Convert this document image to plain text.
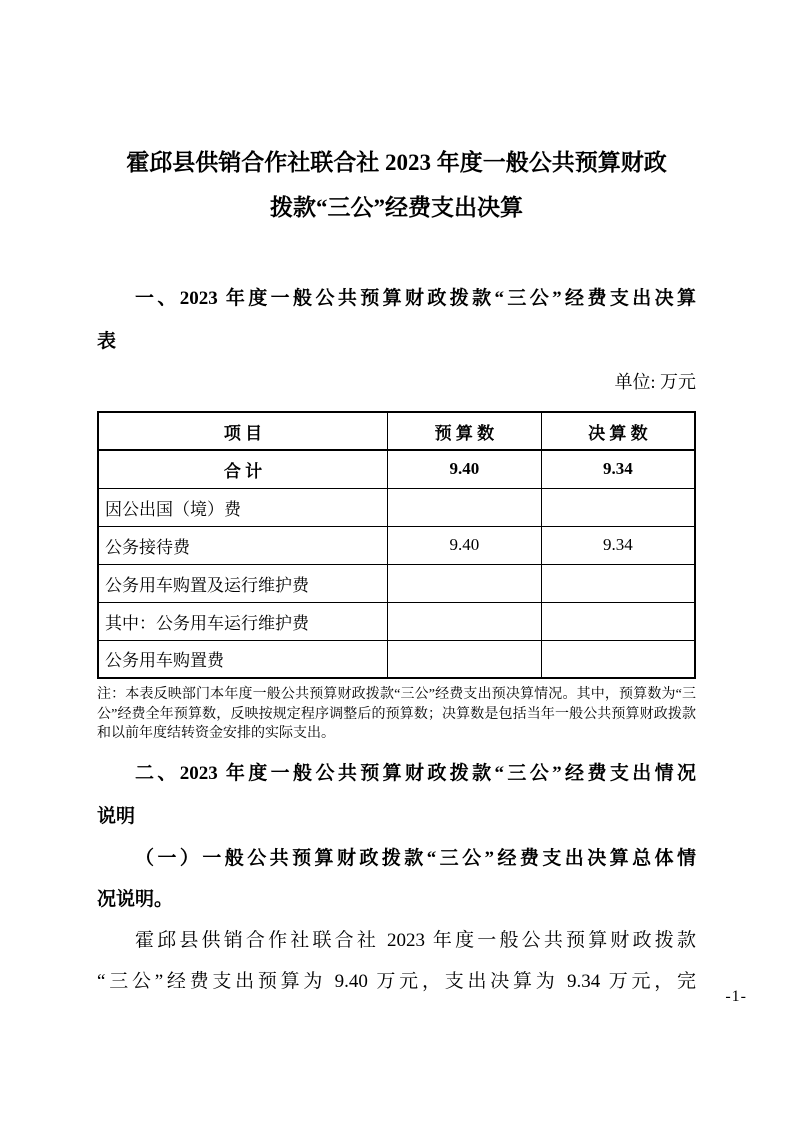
霍邱县供销合作社联合社 2023 年度一般公共预算财政
拨款“三公”经费支出决算
一、2023 年度一般公共预算财政拨款“三公”经费支出决算
表
单位: 万元
项 目	预 算 数	决 算 数
合 计	9.40	9.34
因公出国（境）费		
公务接待费	9.40	9.34
公务用车购置及运行维护费		
其中：公务用车运行维护费		
公务用车购置费		
注：本表反映部门本年度一般公共预算财政拨款“三公”经费支出预决算情况。其中，预算数为“三公”经费全年预算数，反映按规定程序调整后的预算数；决算数是包括当年一般公共预算财政拨款和以前年度结转资金安排的实际支出。
二、2023 年度一般公共预算财政拨款“三公”经费支出情况
说明
（一）一般公共预算财政拨款“三公”经费支出决算总体情
况说明。
霍邱县供销合作社联合社 2023 年度一般公共预算财政拨款
“三公”经费支出预算为 9.40 万元，支出决算为 9.34 万元，完
-1-
